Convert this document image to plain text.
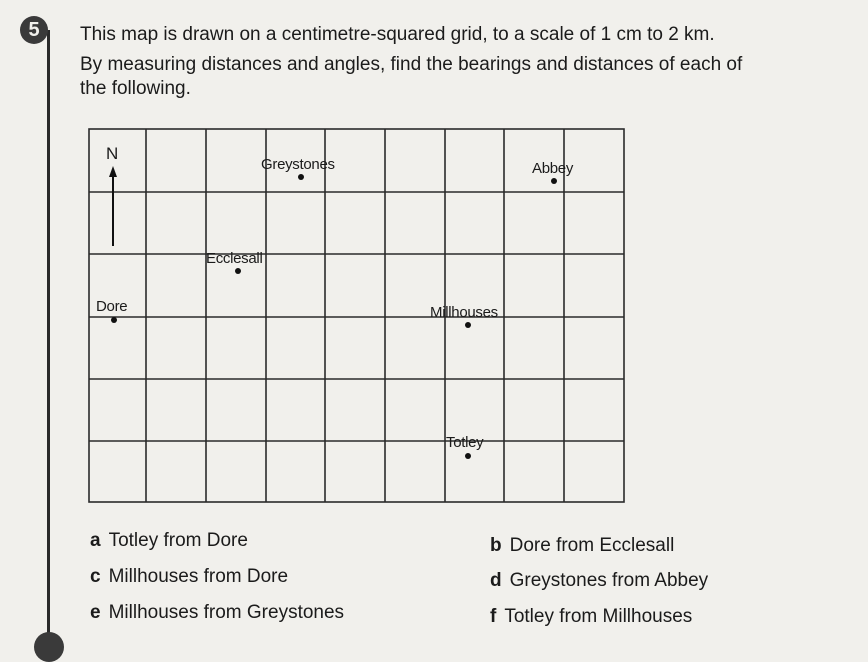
5	This map is drawn on a centimetre-squared grid, to a scale of 1 cm to 2 km.

By measuring distances and angles, find the bearings and distances of each of

the following.

N
Greystones	Abbey
Ecclesall
Dore	Millhouses
Totley
a Totley from Dore	b Dore from Ecclesall
c Millhouses from Dore	d Greystones from Abbey
e Millhouses from Greystones	f Totley from Millhouses
